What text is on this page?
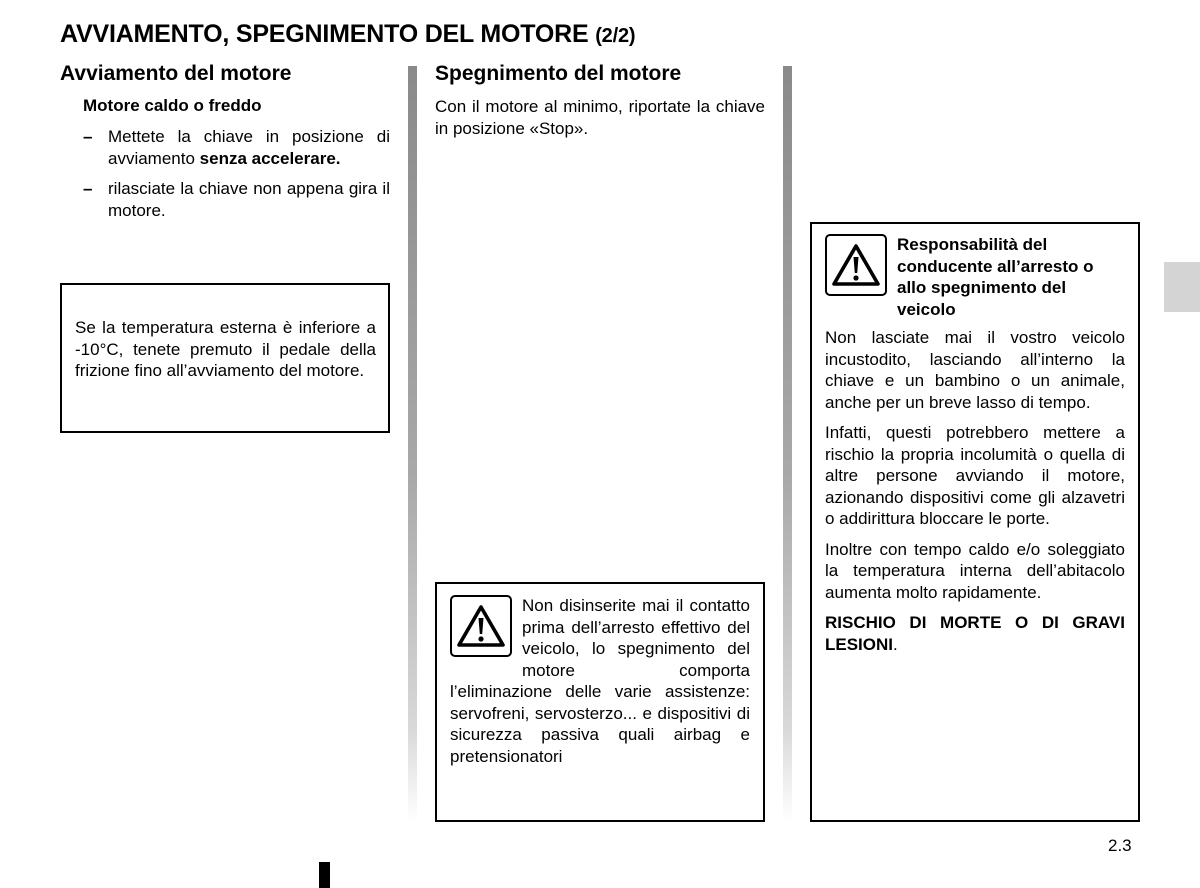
AVVIAMENTO, SPEGNIMENTO DEL MOTORE (2/2)
Avviamento del motore
Motore caldo o freddo
– Mettete la chiave in posizione di avviamento senza accelerare.
– rilasciate la chiave non appena gira il motore.
Se la temperatura esterna è inferiore a -10°C, tenete premuto il pedale della frizione fino all’avviamento del motore.
Spegnimento del motore
Con il motore al minimo, riportate la chiave in posizione «Stop».
Non disinserite mai il contatto prima dell’arresto effettivo del veicolo, lo spegnimento del motore comporta l’eliminazione delle varie assistenze: servofreni, servosterzo... e dispositivi di sicurezza passiva quali airbag e pretensionatori
Responsabilità del conducente all’arresto o allo spegnimento del veicolo

Non lasciate mai il vostro veicolo incustodito, lasciando all’interno la chiave e un bambino o un animale, anche per un breve lasso di tempo.

Infatti, questi potrebbero mettere a rischio la propria incolumità o quella di altre persone avviando il motore, azionando dispositivi come gli alzavetri o addirittura bloccare le porte.

Inoltre con tempo caldo e/o soleggiato la temperatura interna dell’abitacolo aumenta molto rapidamente.

RISCHIO DI MORTE O DI GRAVI LESIONI.

2.3
